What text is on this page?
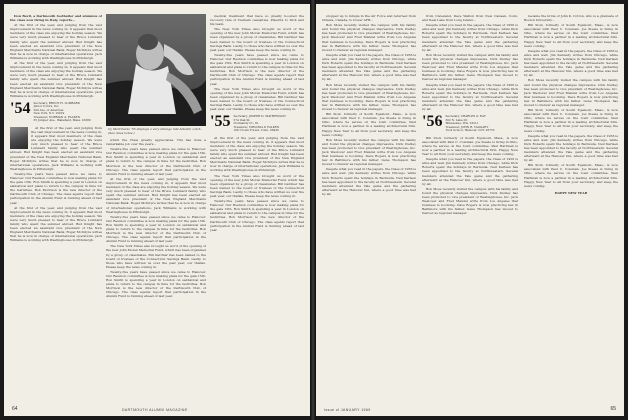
Don Bevil, a Dartmouth footballer and alumnus of the class now living in Italy, reports...

At the first of the year, and judging from the vast improvement in the news coming in, it appears that most members of the class are enjoying the holiday season. We were very much pleased to hear of the Bruce Lumbard family who spent the summer abroad. Bud Knight has been elected an assistant vice president of the New England Merchants National Bank. Roger McIntyre writes that he is now in charge of international operations. Jack Williams is working with Westinghouse in Pittsburgh.

At the first of the year, and judging from the vast improvement in the news coming in, it appears that most members of the class are enjoying the holiday season. We were very much pleased to hear of the Bruce Lumbard family who spent the summer abroad. Bud Knight has been elected an assistant vice president of the New England Merchants National Bank. Roger McIntyre writes that he is now in charge of international operations. Jack Williams is working with Westinghouse in Pittsburgh.

'54 Secretary, BRUCE H. LUMBARD
Junior Colors, Inc.
200 Ave. of Americas
New York, N.Y. 10019
Treasurer, NORMAN A. FALKEN
35 Juniper Ave., Wakefield, Mass. 01880

At the first of the year, and judging from the vast improvement in the news coming in, it appears that most members of the class are enjoying the holiday season. We were very much pleased to hear of the Bruce Lumbard family who spent the summer abroad. Bud Knight has been elected an assistant vice president of the New England Merchants National Bank. Roger McIntyre writes that he is now in charge of international operations. Jack Williams is working with Westinghouse in Pittsburgh.

Twenty-five years have passed since we came to Hanover. Our Reunion committee is now making plans for the gala 15th. Ron Smith is spending a year in London on sabbatical and plans to return to the campus in time for the festivities. Bob Morrison is the new director of the Dartmouth Club of Chicago. The class agents report that participation in the Alumni Fund is running ahead of last year.

At the first of the year, and judging from the vast improvement in the news coming in, it appears that most members of the class are enjoying the holiday season. We were very much pleased to hear of the Bruce Lumbard family who spent the summer abroad. Bud Knight has been elected an assistant vice president of the New England Merchants National Bank. Roger McIntyre writes that he is now in charge of international operations. Jack Williams is working with Westinghouse in Pittsburgh.

Cy Marrinerse '55 displays a very strange mid-Atlantic catch. (See class notes.)

which the Class greatly appreciates. Tim has done a remarkable job over the years...

Twenty-five years have passed since we came to Hanover. Our Reunion committee is now making plans for the gala 15th. Ron Smith is spending a year in London on sabbatical and plans to return to the campus in time for the festivities. Bob Morrison is the new director of the Dartmouth Club of Chicago. The class agents report that participation in the Alumni Fund is running ahead of last year.

At the first of the year, and judging from the vast improvement in the news coming in, it appears that most members of the class are enjoying the holiday season. We were very much pleased to hear of the Bruce Lumbard family who spent the summer abroad. Bud Knight has been elected an assistant vice president of the New England Merchants National Bank. Roger McIntyre writes that he is now in charge of international operations. Jack Williams is working with Westinghouse in Pittsburgh.

Twenty-five years have passed since we came to Hanover. Our Reunion committee is now making plans for the gala 15th. Ron Smith is spending a year in London on sabbatical and plans to return to the campus in time for the festivities. Bob Morrison is the new director of the Dartmouth Club of Chicago. The class agents report that participation in the Alumni Fund is running ahead of last year.

The New York Times also brought us word of the opening of the new John Moren Memorial Fund, which has been organized by a group of classmates. Bill Gardner has been named to the board of trustees of the Connecticut Savings Bank. Lastly, to those who have written us over the past year, our thanks. Please keep the news coming in.

Twenty-five years have passed since we came to Hanover. Our Reunion committee is now making plans for the gala 15th. Ron Smith is spending a year in London on sabbatical and plans to return to the campus in time for the festivities. Bob Morrison is the new director of the Dartmouth Club of Chicago. The class agents report that participation in the Alumni Fund is running ahead of last year.

medical treatment that have so greatly boosted the recovery rate of Vietnam casualties. Plaudits to Dick and his team.

The New York Times also brought us word of the opening of the new John Moren Memorial Fund, which has been organized by a group of classmates. Bill Gardner has been named to the board of trustees of the Connecticut Savings Bank. Lastly, to those who have written us over the past year, our thanks. Please keep the news coming in.

Twenty-five years have passed since we came to Hanover. Our Reunion committee is now making plans for the gala 15th. Ron Smith is spending a year in London on sabbatical and plans to return to the campus in time for the festivities. Bob Morrison is the new director of the Dartmouth Club of Chicago. The class agents report that participation in the Alumni Fund is running ahead of last year.

The New York Times also brought us word of the opening of the new John Moren Memorial Fund, which has been organized by a group of classmates. Bill Gardner has been named to the board of trustees of the Connecticut Savings Bank. Lastly, to those who have written us over the past year, our thanks. Please keep the news coming in.

'55 Secretary, JOSEPH D. MATHEWSON
57A Oak St.
Normandy Ct., Ill.
Treasurer, VIRGINIA P. FALKEN
106 Crown Forest, Conn. 06430

At the first of the year, and judging from the vast improvement in the news coming in, it appears that most members of the class are enjoying the holiday season. We were very much pleased to hear of the Bruce Lumbard family who spent the summer abroad. Bud Knight has been elected an assistant vice president of the New England Merchants National Bank. Roger McIntyre writes that he is now in charge of international operations. Jack Williams is working with Westinghouse in Pittsburgh.

The New York Times also brought us word of the opening of the new John Moren Memorial Fund, which has been organized by a group of classmates. Bill Gardner has been named to the board of trustees of the Connecticut Savings Bank. Lastly, to those who have written us over the past year, our thanks. Please keep the news coming in.

Twenty-five years have passed since we came to Hanover. Our Reunion committee is now making plans for the gala 15th. Ron Smith is spending a year in London on sabbatical and plans to return to the campus in time for the festivities. Bob Morrison is the new director of the Dartmouth Club of Chicago. The class agents report that participation in the Alumni Fund is running ahead of last year.

64	DARTMOUTH ALUMNI MAGAZINE

stopped up to mingle in the Air Force and returned from Ottawa, Canada, to Dover AFB...

Bob Moss recently visited the campus with his family and found the physical changes impressive. Dick Dudley has been promoted to vice president of Westinghouse, Inc. Jack Westover and Fred Mandel write from Los Angeles that business is booming. Dave Rogers is now practicing law in Baltimore with his father. Gene Thompson has moved to Denver as regional manager.

Despite what you read in the papers, the Class of 1956 is alive and well. Jim Kennedy writes from Chicago, while Dick Roberts spent the holidays in Bermuda. Neil Karlsen has been appointed to the faculty at Northwestern. Several members attended the Yale game and the gathering afterward at the Hanover Inn, where a good time was had by all.

Bob Moss recently visited the campus with his family and found the physical changes impressive. Dick Dudley has been promoted to vice president of Westinghouse, Inc. Jack Westover and Fred Mandel write from Los Angeles that business is booming. Dave Rogers is now practicing law in Baltimore with his father. Gene Thompson has moved to Denver as regional manager.

Bill Stoll, formerly of South Egemont, Mass., is now associated with Paul C. Coleman. Joe Steele is living in Ohio, where he serves on the town committee. Paul Hartman is now a partner in a leading architectural firm. Happy New Year to all from your secretary, and keep the news coming.

Bob Moss recently visited the campus with his family and found the physical changes impressive. Dick Dudley has been promoted to vice president of Westinghouse, Inc. Jack Westover and Fred Mandel write from Los Angeles that business is booming. Dave Rogers is now practicing law in Baltimore with his father. Gene Thompson has moved to Denver as regional manager.

Despite what you read in the papers, the Class of 1956 is alive and well. Jim Kennedy writes from Chicago, while Dick Roberts spent the holidays in Bermuda. Neil Karlsen has been appointed to the faculty at Northwestern. Several members attended the Yale game and the gathering afterward at the Hanover Inn, where a good time was had by all.

from Cleveland, Dave Walton from New Canaan, Conn. and Neal Lake from Long Island...

Despite what you read in the papers, the Class of 1956 is alive and well. Jim Kennedy writes from Chicago, while Dick Roberts spent the holidays in Bermuda. Neil Karlsen has been appointed to the faculty at Northwestern. Several members attended the Yale game and the gathering afterward at the Hanover Inn, where a good time was had by all.

Bob Moss recently visited the campus with his family and found the physical changes impressive. Dick Dudley has been promoted to vice president of Westinghouse, Inc. Jack Westover and Fred Mandel write from Los Angeles that business is booming. Dave Rogers is now practicing law in Baltimore with his father. Gene Thompson has moved to Denver as regional manager.

Despite what you read in the papers, the Class of 1956 is alive and well. Jim Kennedy writes from Chicago, while Dick Roberts spent the holidays in Bermuda. Neil Karlsen has been appointed to the faculty at Northwestern. Several members attended the Yale game and the gathering afterward at the Hanover Inn, where a good time was had by all.

'56 Secretary, CHARLES G. RAY
302 N. Lake Dr.
Milwaukee, Wis. 53211
Treasurer, JOHN B. TAGGART
Tuck School, Hanover, N.H. 03755

Bill Stoll, formerly of South Egemont, Mass., is now associated with Paul C. Coleman. Joe Steele is living in Ohio, where he serves on the town committee. Paul Hartman is now a partner in a leading architectural firm. Happy New Year to all from your secretary, and keep the news coming.

Despite what you read in the papers, the Class of 1956 is alive and well. Jim Kennedy writes from Chicago, while Dick Roberts spent the holidays in Bermuda. Neil Karlsen has been appointed to the faculty at Northwestern. Several members attended the Yale game and the gathering afterward at the Hanover Inn, where a good time was had by all.

Bob Moss recently visited the campus with his family and found the physical changes impressive. Dick Dudley has been promoted to vice president of Westinghouse, Inc. Jack Westover and Fred Mandel write from Los Angeles that business is booming. Dave Rogers is now practicing law in Baltimore with his father. Gene Thompson has moved to Denver as regional manager.

became the bride of John K. Cotton, who is a graduate of Boston University...

Bill Stoll, formerly of South Egemont, Mass., is now associated with Paul C. Coleman. Joe Steele is living in Ohio, where he serves on the town committee. Paul Hartman is now a partner in a leading architectural firm. Happy New Year to all from your secretary, and keep the news coming.

Despite what you read in the papers, the Class of 1956 is alive and well. Jim Kennedy writes from Chicago, while Dick Roberts spent the holidays in Bermuda. Neil Karlsen has been appointed to the faculty at Northwestern. Several members attended the Yale game and the gathering afterward at the Hanover Inn, where a good time was had by all.

Bob Moss recently visited the campus with his family and found the physical changes impressive. Dick Dudley has been promoted to vice president of Westinghouse, Inc. Jack Westover and Fred Mandel write from Los Angeles that business is booming. Dave Rogers is now practicing law in Baltimore with his father. Gene Thompson has moved to Denver as regional manager.

Bill Stoll, formerly of South Egemont, Mass., is now associated with Paul C. Coleman. Joe Steele is living in Ohio, where he serves on the town committee. Paul Hartman is now a partner in a leading architectural firm. Happy New Year to all from your secretary, and keep the news coming.

Despite what you read in the papers, the Class of 1956 is alive and well. Jim Kennedy writes from Chicago, while Dick Roberts spent the holidays in Bermuda. Neil Karlsen has been appointed to the faculty at Northwestern. Several members attended the Yale game and the gathering afterward at the Hanover Inn, where a good time was had by all.

Bill Stoll, formerly of South Egemont, Mass., is now associated with Paul C. Coleman. Joe Steele is living in Ohio, where he serves on the town committee. Paul Hartman is now a partner in a leading architectural firm. Happy New Year to all from your secretary, and keep the news coming.

HAPPY NEW YEAR

Issue of JANUARY 1969	65
